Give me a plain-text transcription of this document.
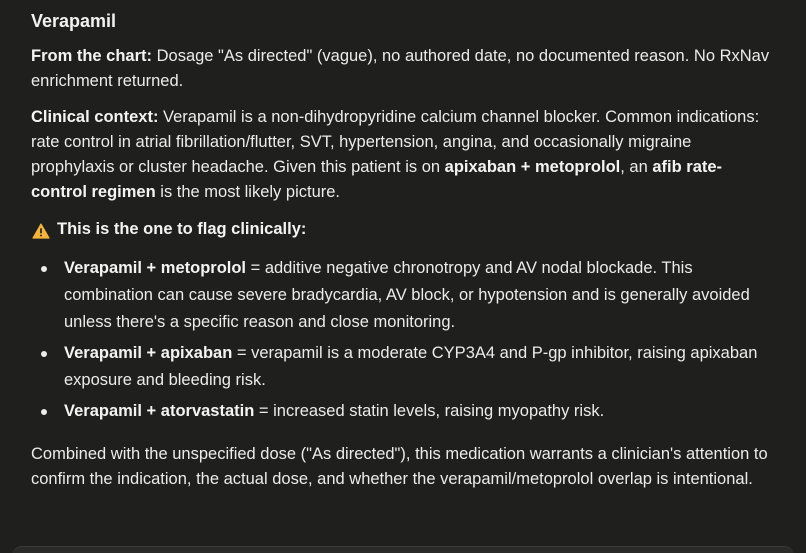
Verapamil

From the chart: Dosage "As directed" (vague), no authored date, no documented reason. No RxNav enrichment returned.

Clinical context: Verapamil is a non-dihydropyridine calcium channel blocker. Common indications: rate control in atrial fibrillation/flutter, SVT, hypertension, angina, and occasionally migraine prophylaxis or cluster headache. Given this patient is on apixaban + metoprolol, an afib rate-control regimen is the most likely picture.

This is the one to flag clinically:

Verapamil + metoprolol = additive negative chronotropy and AV nodal blockade. This combination can cause severe bradycardia, AV block, or hypotension and is generally avoided unless there's a specific reason and close monitoring.
Verapamil + apixaban = verapamil is a moderate CYP3A4 and P-gp inhibitor, raising apixaban exposure and bleeding risk.
Verapamil + atorvastatin = increased statin levels, raising myopathy risk.

Combined with the unspecified dose ("As directed"), this medication warrants a clinician's attention to confirm the indication, the actual dose, and whether the verapamil/metoprolol overlap is intentional.
